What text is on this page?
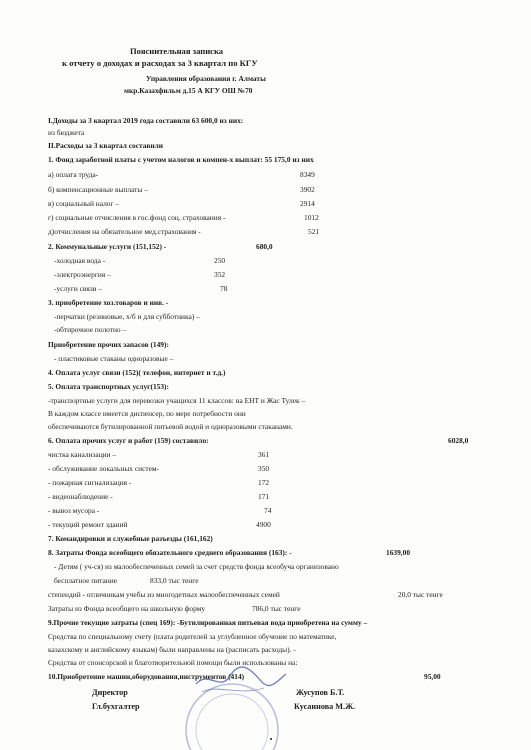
Пояснительная записка
к отчету о доходах и расходах за 3 квартал по КГУ
Управления образования г. Алматы
мкр.Казахфильм д.15 А КГУ ОШ №70
I.Доходы за 3 квартал 2019 года составили 63 600,0 из них:
из бюджета
II.Расходы за 3 квартал составили
1. Фонд заработной платы с учетом налогов и компен-х выплат: 55 175,0 из них
а) оплата труда-	8349
б) компенсационные выплаты –	3902
в) социальный налог –	2914
г) социальные отчисления в гос.фонд соц. страхования -	1012
д)отчисления на обязательное мед.страхования -	521
2. Коммунальные услуги (151,152) -	680,0
-холодная вода -	250
-электроэнергия –	352
-услуги связи –	78
3. приобретение хоз.товаров и инв. -
-перчатки (резиновые, х/б и для субботника) –
-обтирочное полотно –
Приобретение прочих запасов (149):
- пластиковые стаканы одноразовые –
4. Оплата услуг связи (152)( телефон, интернет и т.д.)
5. Оплата транспортных услуг(153):
-транспортные услуги для перевозки учащихся 11 классов: на ЕНТ и Жас Тулек –
В каждом классе имеется диспенсер, по мере потребности они
обеспечиваются бутилированной питьевой водой и одноразовыми стаканами.
6. Оплата прочих услуг и работ (159) составило:	6028,0
чистка канализации –	361
- обслуживание локальных систем-	350
- пожарная сигнализация -	172
- видеонаблюдение -	171
- вывоз мусора -	74
- текущий ремонт зданий	4900
7. Командировки и служебные разъезды (161,162)
8. Затраты Фонда всеобщего обязательного среднего образования (163): -	1639,00
- Детям ( уч-ся) из малообеспеченных семей за счет средств фонда всеобуча организовано
бесплатное питание	833,0 тыс тенге
степендий - отличникам учебы из многодетных малообеспеченных семей	20,0 тыс тенге
Затраты из Фонда всеобщего на школьную форму	786,0 тыс тенге
9.Прочие текущие затраты (спец 169): -Бутилированная питьевая вода приобретена на сумму –
Средства по специальному счету (плата родителей за углубленное обучение по математике,
казахскому и английскому языкам) были направлены на (расписать расходы). -
Средства от спонсорской и благотворительной помощи были использованы на:
10.Приобретение машин,оборудования,инструментов (414)	95,00
Директор	Жусупов Б.Т.
Гл.бухгалтер	Кусаинова М.Ж.
